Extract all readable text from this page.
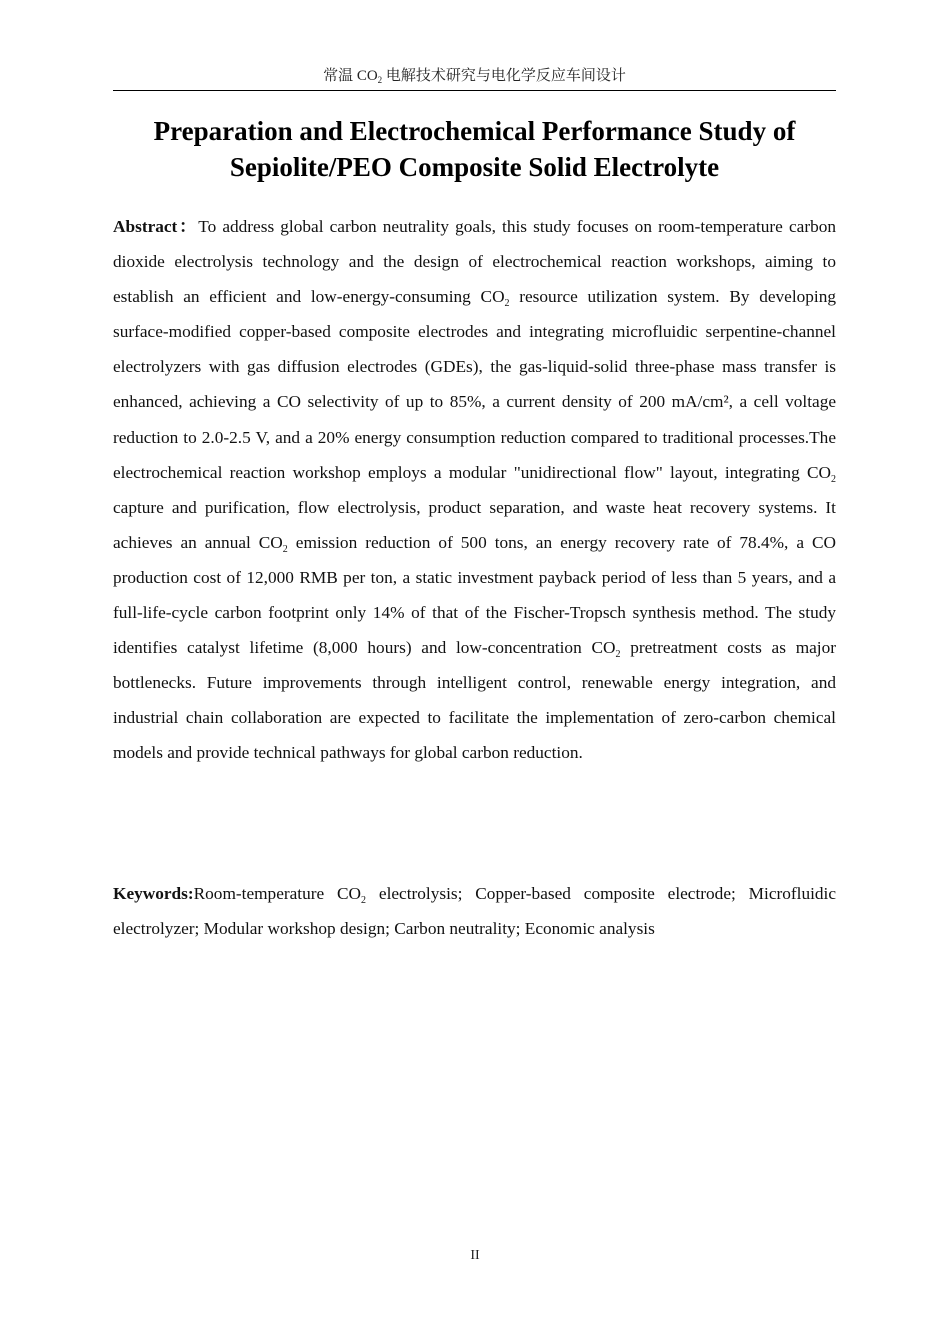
常温 $CO_2$ 电解技术研究与电化学反应车间设计
Preparation and Electrochemical Performance Study of Sepiolite/PEO Composite Solid Electrolyte

Abstract：To address global carbon neutrality goals, this study focuses on room-temperature carbon dioxide electrolysis technology and the design of electrochemical reaction workshops, aiming to establish an efficient and low-energy-consuming $CO_2$ resource utilization system. By developing surface-modified copper-based composite electrodes and integrating microfluidic serpentine-channel electrolyzers with gas diffusion electrodes (GDEs), the gas-liquid-solid three-phase mass transfer is enhanced, achieving a CO selectivity of up to 85%, a current density of 200 mA/cm², a cell voltage reduction to 2.0-2.5 V, and a 20% energy consumption reduction compared to traditional processes.The electrochemical reaction workshop employs a modular "unidirectional flow" layout, integrating $CO_2$ capture and purification, flow electrolysis, product separation, and waste heat recovery systems. It achieves an annual $CO_2$ emission reduction of 500 tons, an energy recovery rate of 78.4%, a CO production cost of 12,000 RMB per ton, a static investment payback period of less than 5 years, and a full-life-cycle carbon footprint only 14% of that of the Fischer-Tropsch synthesis method. The study identifies catalyst lifetime (8,000 hours) and low-concentration $CO_2$ pretreatment costs as major bottlenecks. Future improvements through intelligent control, renewable energy integration, and industrial chain collaboration are expected to facilitate the implementation of zero-carbon chemical models and provide technical pathways for global carbon reduction.

Keywords:Room-temperature $CO_2$ electrolysis; Copper-based composite electrode; Microfluidic electrolyzer; Modular workshop design; Carbon neutrality; Economic analysis

II
